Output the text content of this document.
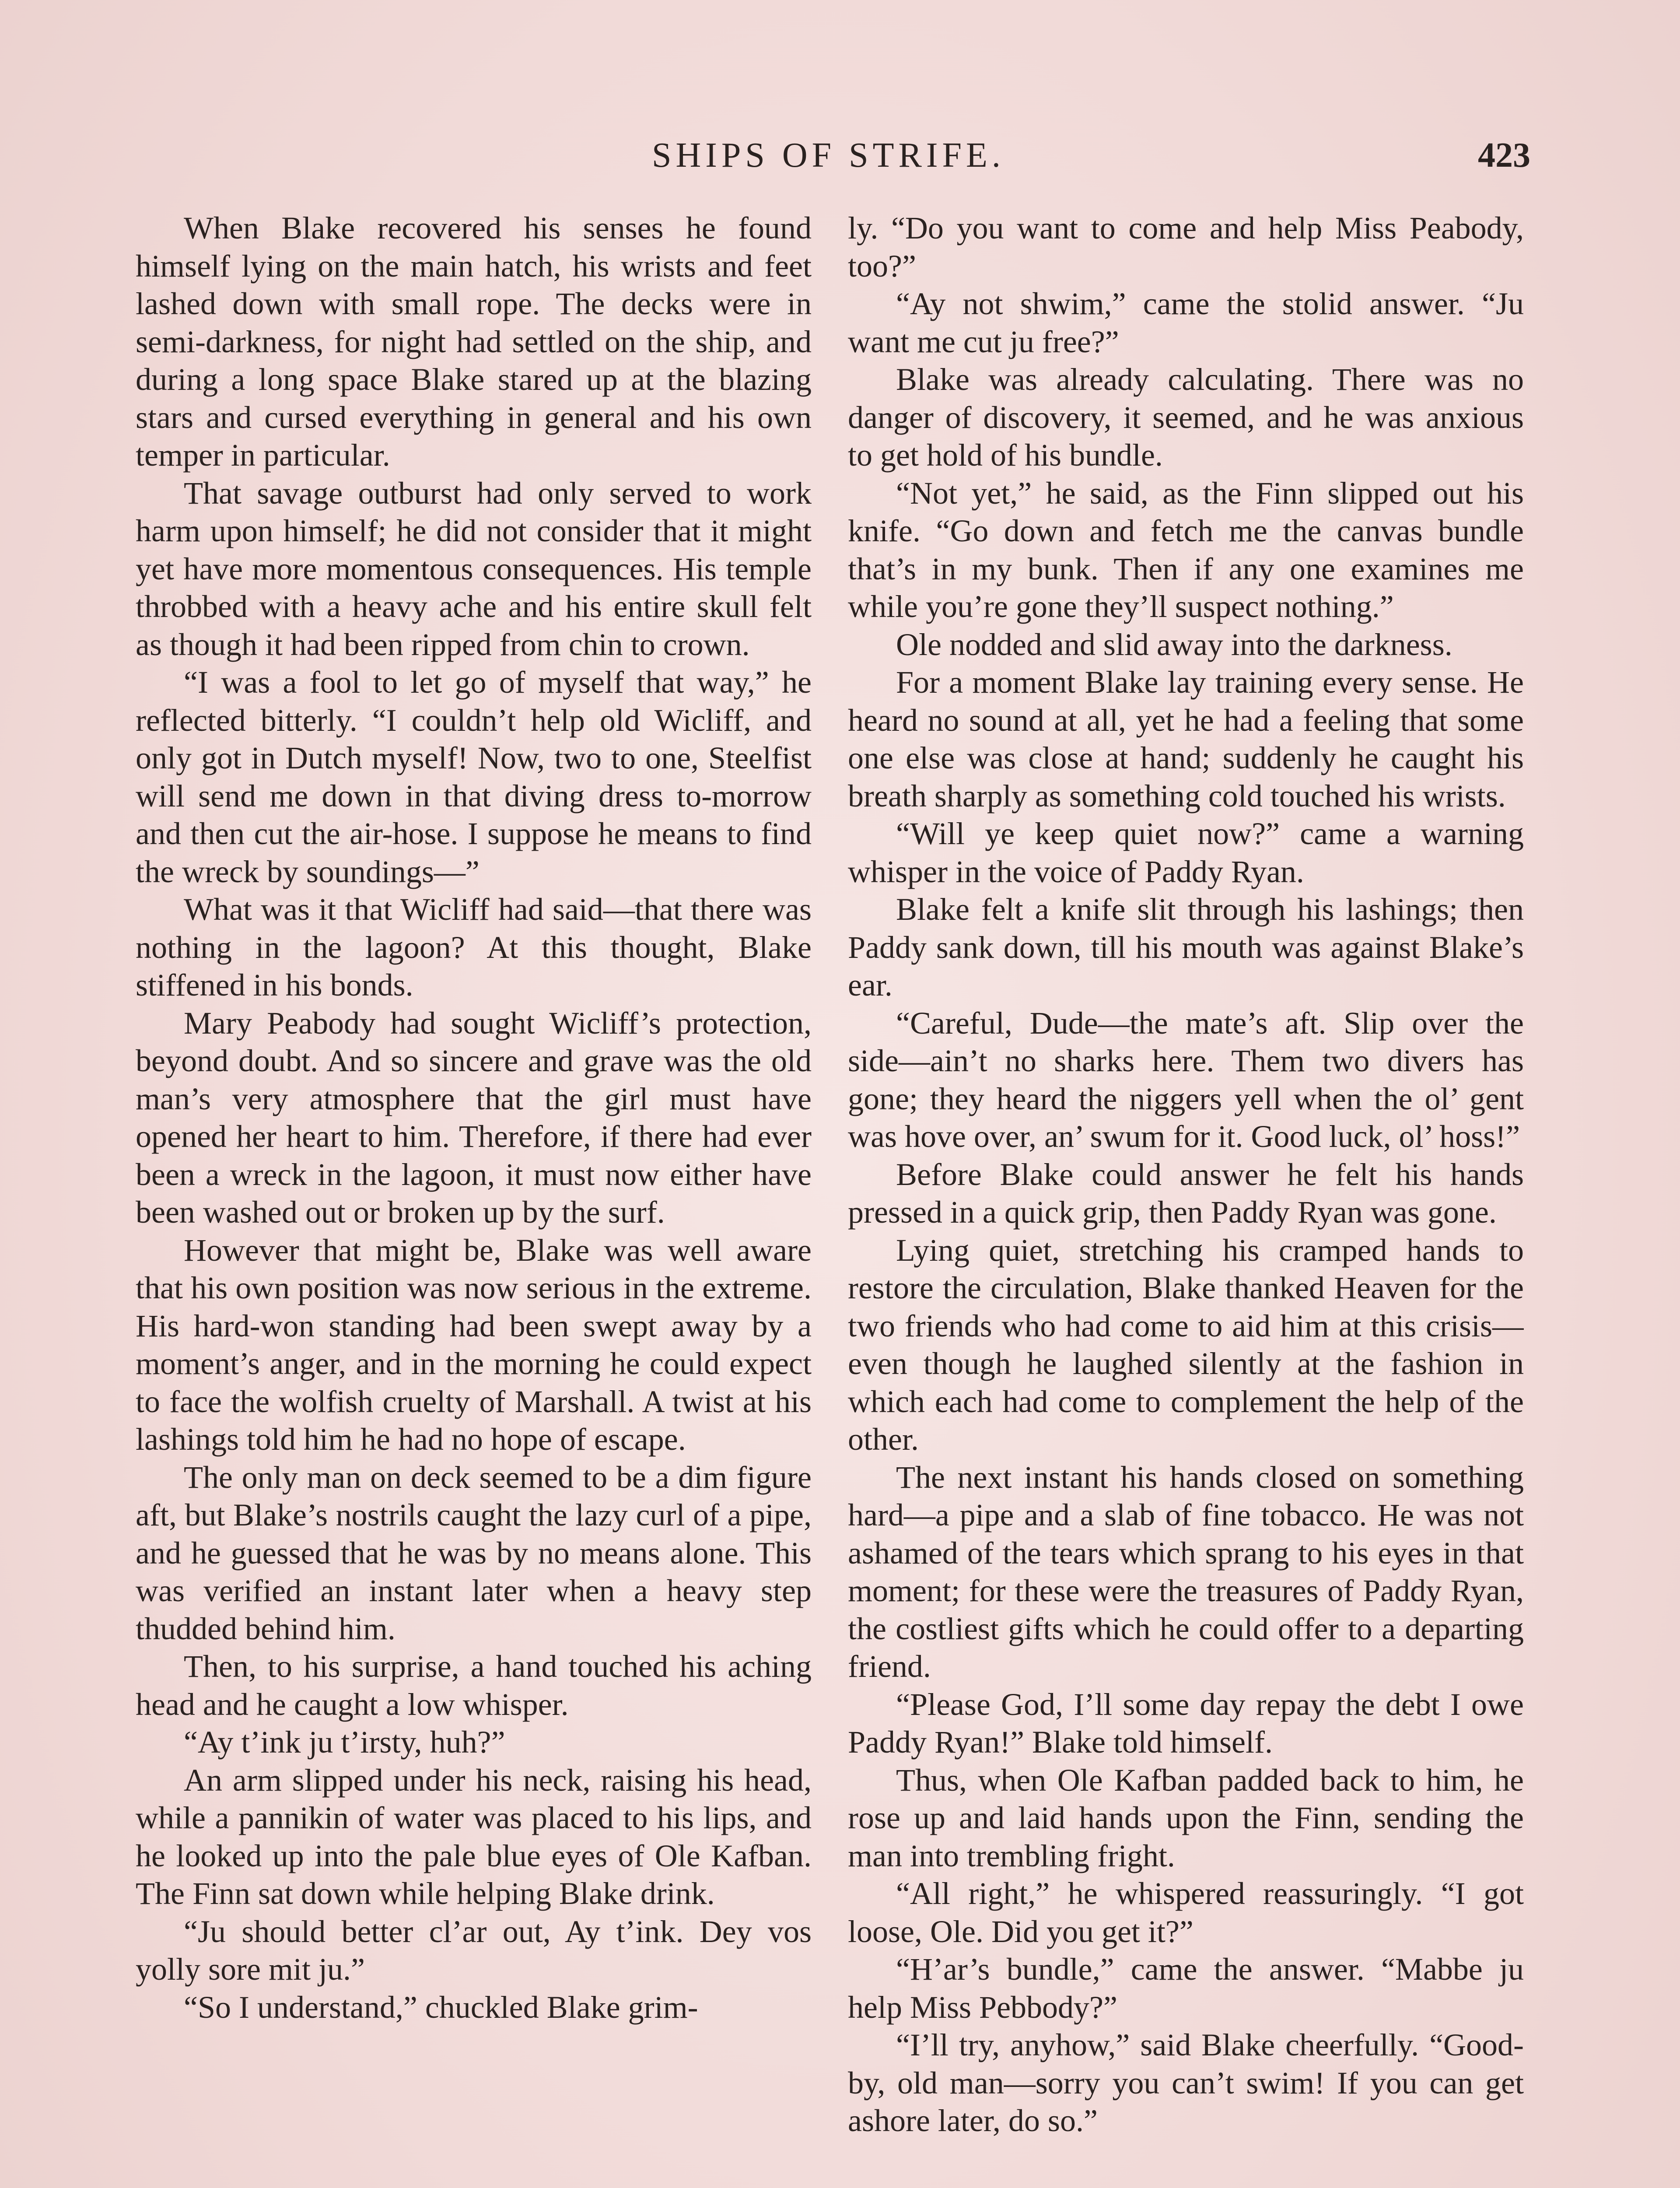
SHIPS OF STRIFE.	423

When Blake recovered his senses he found himself lying on the main hatch, his wrists and feet lashed down with small rope. The decks were in semi-darkness, for night had settled on the ship, and during a long space Blake stared up at the blazing stars and cursed everything in general and his own temper in particular.

That savage outburst had only served to work harm upon himself; he did not consider that it might yet have more momentous consequences. His temple throbbed with a heavy ache and his entire skull felt as though it had been ripped from chin to crown.

“I was a fool to let go of myself that way,” he reflected bitterly. “I couldn’t help old Wicliff, and only got in Dutch myself! Now, two to one, Steelfist will send me down in that diving dress to-morrow and then cut the air-hose. I suppose he means to find the wreck by soundings—”

What was it that Wicliff had said—that there was nothing in the lagoon? At this thought, Blake stiffened in his bonds.

Mary Peabody had sought Wicliff’s protection, beyond doubt. And so sincere and grave was the old man’s very atmosphere that the girl must have opened her heart to him. Therefore, if there had ever been a wreck in the lagoon, it must now either have been washed out or broken up by the surf.

However that might be, Blake was well aware that his own position was now serious in the extreme. His hard-won standing had been swept away by a moment’s anger, and in the morning he could expect to face the wolfish cruelty of Marshall. A twist at his lashings told him he had no hope of escape.

The only man on deck seemed to be a dim figure aft, but Blake’s nostrils caught the lazy curl of a pipe, and he guessed that he was by no means alone. This was verified an instant later when a heavy step thudded behind him.

Then, to his surprise, a hand touched his aching head and he caught a low whisper.

“Ay t’ink ju t’irsty, huh?”

An arm slipped under his neck, raising his head, while a pannikin of water was placed to his lips, and he looked up into the pale blue eyes of Ole Kafban. The Finn sat down while helping Blake drink.

“Ju should better cl’ar out, Ay t’ink. Dey vos yolly sore mit ju.”

“So I understand,” chuckled Blake grim-

ly. “Do you want to come and help Miss Peabody, too?”

“Ay not shwim,” came the stolid answer. “Ju want me cut ju free?”

Blake was already calculating. There was no danger of discovery, it seemed, and he was anxious to get hold of his bundle.

“Not yet,” he said, as the Finn slipped out his knife. “Go down and fetch me the canvas bundle that’s in my bunk. Then if any one examines me while you’re gone they’ll suspect nothing.”

Ole nodded and slid away into the darkness.

For a moment Blake lay training every sense. He heard no sound at all, yet he had a feeling that some one else was close at hand; suddenly he caught his breath sharply as something cold touched his wrists.

“Will ye keep quiet now?” came a warning whisper in the voice of Paddy Ryan.

Blake felt a knife slit through his lashings; then Paddy sank down, till his mouth was against Blake’s ear.

“Careful, Dude—the mate’s aft. Slip over the side—ain’t no sharks here. Them two divers has gone; they heard the niggers yell when the ol’ gent was hove over, an’ swum for it. Good luck, ol’ hoss!”

Before Blake could answer he felt his hands pressed in a quick grip, then Paddy Ryan was gone.

Lying quiet, stretching his cramped hands to restore the circulation, Blake thanked Heaven for the two friends who had come to aid him at this crisis—even though he laughed silently at the fashion in which each had come to complement the help of the other.

The next instant his hands closed on something hard—a pipe and a slab of fine tobacco. He was not ashamed of the tears which sprang to his eyes in that moment; for these were the treasures of Paddy Ryan, the costliest gifts which he could offer to a departing friend.

“Please God, I’ll some day repay the debt I owe Paddy Ryan!” Blake told himself.

Thus, when Ole Kafban padded back to him, he rose up and laid hands upon the Finn, sending the man into trembling fright.

“All right,” he whispered reassuringly. “I got loose, Ole. Did you get it?”

“H’ar’s bundle,” came the answer. “Mabbe ju help Miss Pebbody?”

“I’ll try, anyhow,” said Blake cheerfully. “Good-by, old man—sorry you can’t swim! If you can get ashore later, do so.”
